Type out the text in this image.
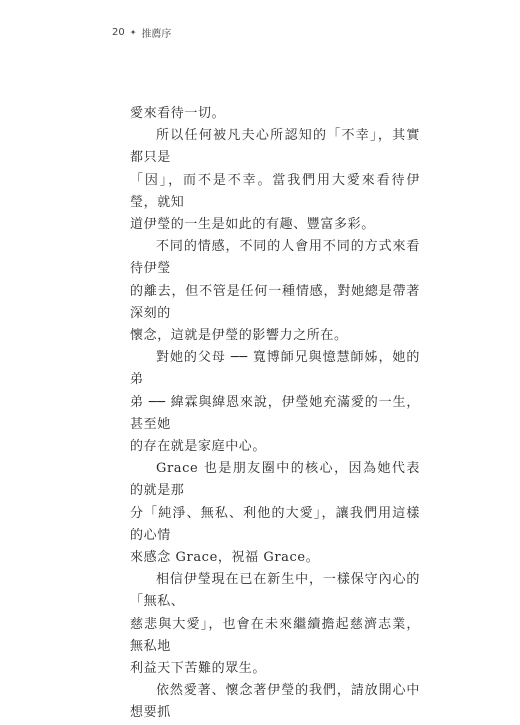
20 ✦ 推薦序

愛來看待一切。

所以任何被凡夫心所認知的「不幸」，其實都只是
「因」，而不是不幸。當我們用大愛來看待伊瑩，就知
道伊瑩的一生是如此的有趣、豐富多彩。

不同的情感，不同的人會用不同的方式來看待伊瑩
的離去，但不管是任何一種情感，對她總是帶著深刻的
懷念，這就是伊瑩的影響力之所在。

對她的父母 ── 寬博師兄與憶慧師姊，她的弟
弟 ── 緯霖與緯恩來說，伊瑩她充滿愛的一生，甚至她
的存在就是家庭中心。

Grace 也是朋友圈中的核心，因為她代表的就是那
分「純淨、無私、利他的大愛」，讓我們用這樣的心情
來感念 Grace，祝福 Grace。

相信伊瑩現在已在新生中，一樣保守內心的「無私、
慈悲與大愛」，也會在未來繼續擔起慈濟志業，無私地
利益天下苦難的眾生。

依然愛著、懷念著伊瑩的我們，請放開心中想要抓
